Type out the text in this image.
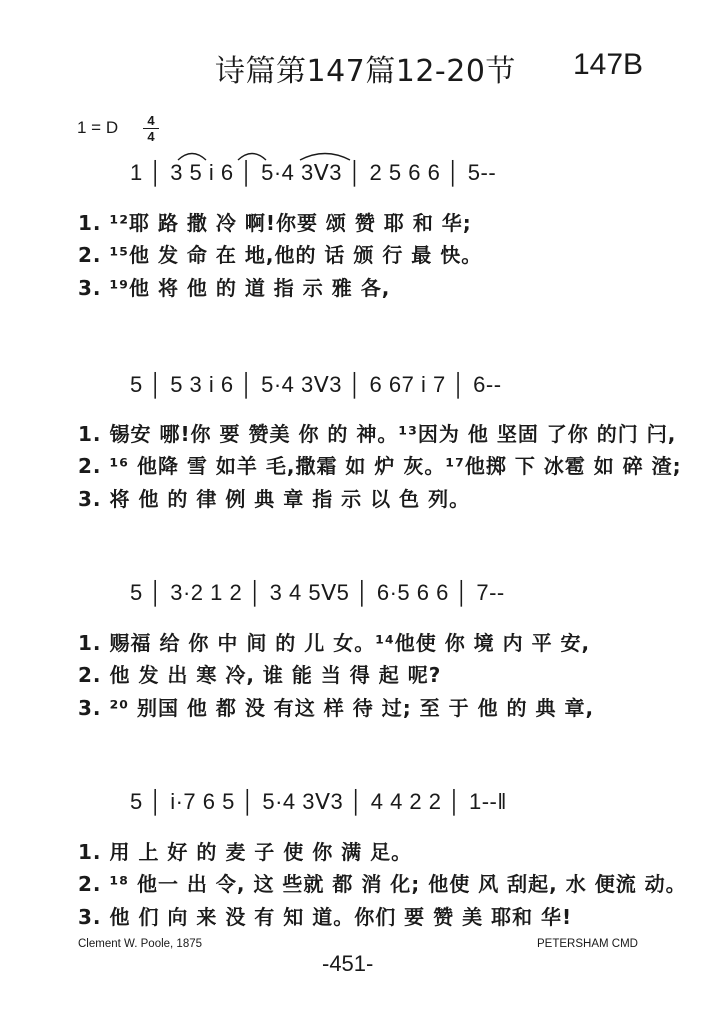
诗篇第147篇12-20节 147B
1 = D	4
4
1 │ 3 5 i 6 │ 5·4 3ᐯ3 │ 2 5 6 6 │ 5--
1. ¹²耶 路 撒 冷 啊!你要 颂 赞 耶 和 华;
2. ¹⁵他 发 命 在 地,他的 话 颁 行 最 快。
3. ¹⁹他 将 他 的 道 指 示 雅 各,
5 │ 5 3 i 6 │ 5·4 3ᐯ3 │ 6 67 i 7 │ 6--
1. 锡安 哪!你 要 赞美 你 的 神。¹³因为 他 坚固 了你 的门 闩,
2. ¹⁶ 他降 雪 如羊 毛,撒霜 如 炉 灰。¹⁷他掷 下 冰雹 如 碎 渣;
3. 将 他 的 律 例 典 章 指 示 以 色 列。
5 │ 3·2 1 2 │ 3 4 5ᐯ5 │ 6·5 6 6 │ 7--
1. 赐福 给 你 中 间 的 儿 女。¹⁴他使 你 境 内 平 安,
2. 他 发 出 寒 冷, 谁 能 当 得 起 呢?
3. ²⁰ 别国 他 都 没 有这 样 待 过; 至 于 他 的 典 章,
5 │ i·7 6 5 │ 5·4 3ᐯ3 │ 4 4 2 2 │ 1--‖
1. 用 上 好 的 麦 子 使 你 满 足。
2. ¹⁸ 他一 出 令, 这 些就 都 消 化; 他使 风 刮起, 水 便流 动。
3. 他 们 向 来 没 有 知 道。你们 要 赞 美 耶和 华!
Clement W. Poole, 1875	PETERSHAM CMD
-451-
